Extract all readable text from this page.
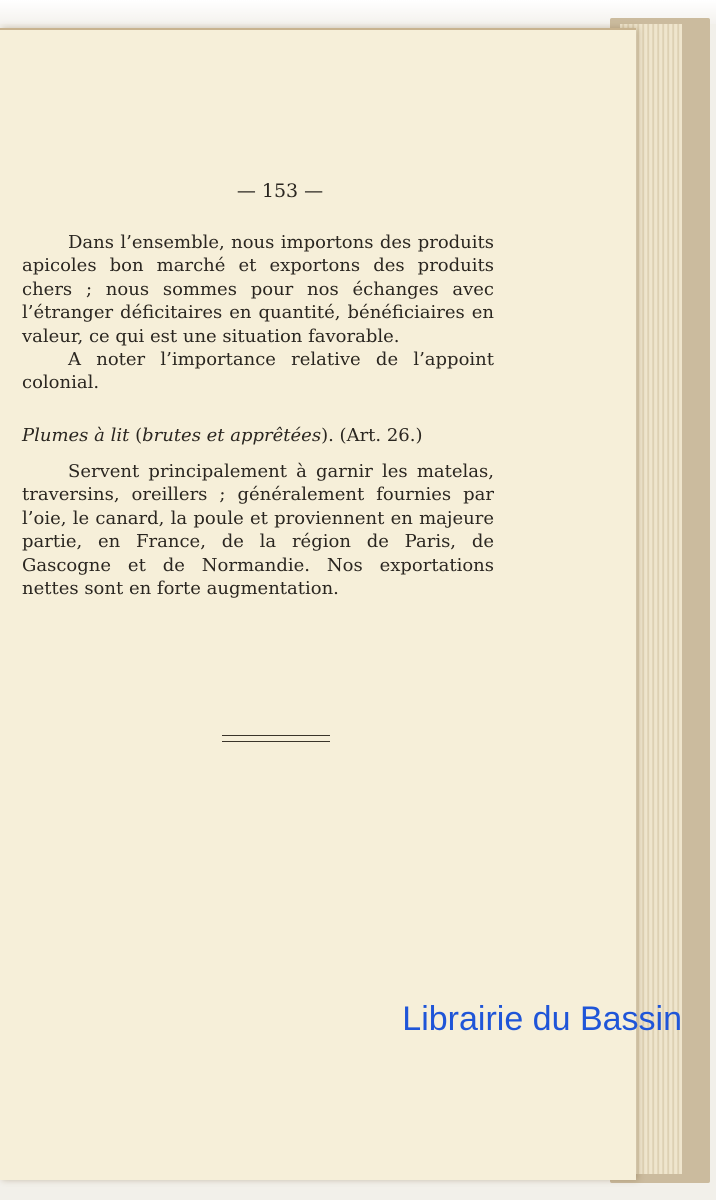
— 153 —

Dans l’ensemble, nous importons des produits apicoles bon marché et exportons des produits chers ; nous sommes pour nos échanges avec l’étranger déficitaires en quantité, bénéficiaires en valeur, ce qui est une situation favorable.

A noter l’importance relative de l’appoint colonial.

Plumes à lit (brutes et apprêtées). (Art. 26.)

Servent principalement à garnir les matelas, traversins, oreillers ; généralement fournies par l’oie, le canard, la poule et proviennent en majeure partie, en France, de la région de Paris, de Gascogne et de Normandie. Nos exportations nettes sont en forte augmentation.

Librairie du Bassin
